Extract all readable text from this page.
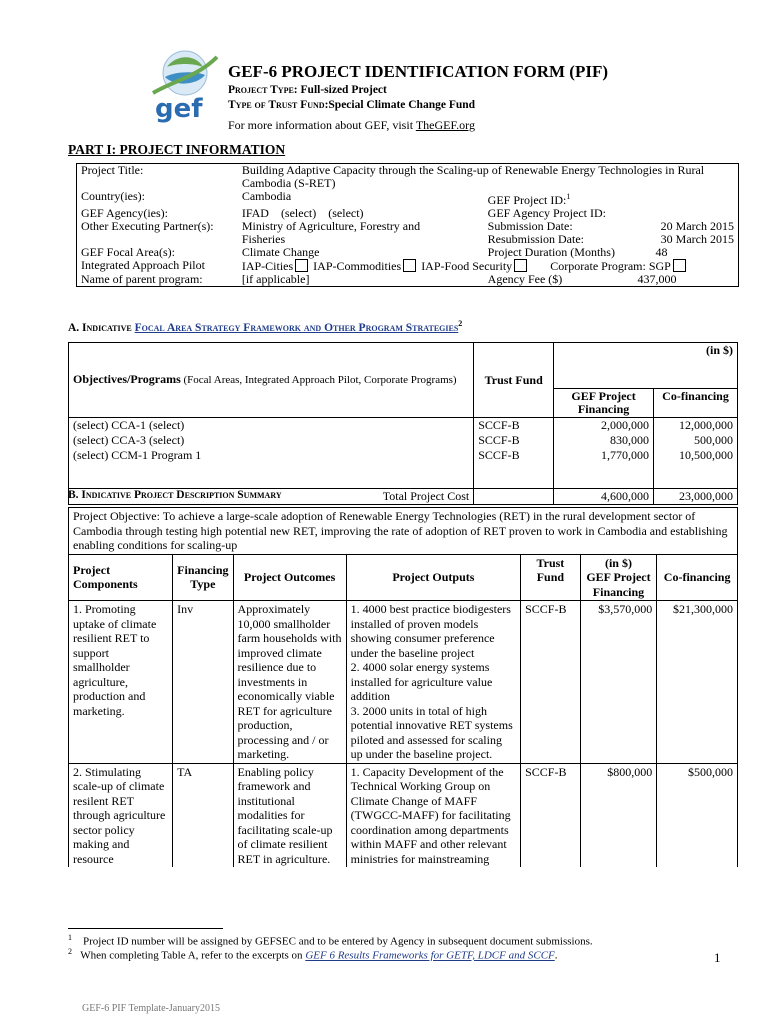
gef
GEF-6 PROJECT IDENTIFICATION FORM (PIF)
Project Type: Full-sized Project
Type of Trust Fund:Special Climate Change Fund
For more information about GEF, visit TheGEF.org
PART I: PROJECT INFORMATION
Project Title:	Building Adaptive Capacity through the Scaling-up of Renewable Energy Technologies in Rural Cambodia (S-RET)		
Country(ies):	Cambodia	GEF Project ID:$^1$
GEF Agency(ies):	IFAD    (select)    (select)	GEF Agency Project ID:	
Other Executing Partner(s):	Ministry of Agriculture, Forestry and Fisheries	Submission Date:	20 March 2015
		Resubmission Date:	30 March 2015
GEF Focal Area(s):	Climate Change	Project Duration (Months)	48
Integrated Approach Pilot	IAP-Cities IAP-Commodities IAP-Food Security Corporate Program: SGP		
Name of parent program:	[if applicable]	Agency Fee ($)	437,000
A. Indicative Focal Area Strategy Framework and Other Program Strategies$^2$
Objectives/Programs (Focal Areas, Integrated Approach Pilot, Corporate Programs)	Trust Fund	(in $)	
		GEF Project Financing	Co-financing
(select) CCA-1 (select)	SCCF-B	2,000,000	12,000,000
(select) CCA-3 (select)	SCCF-B	830,000	500,000
(select) CCM-1 Program 1	SCCF-B	1,770,000	10,500,000
Total Project Cost		4,600,000	23,000,000
B. Indicative Project Description Summary
Project Objective: To achieve a large-scale adoption of Renewable Energy Technologies (RET) in the rural development sector of Cambodia through testing high potential new RET, improving the rate of adoption of RET proven to work in Cambodia and establishing enabling conditions for scaling-up						
Project Components	Financing Type	Project Outcomes	Project Outputs	Trust Fund	(in $)
GEF Project Financing	Co-financing
1. Promoting uptake of climate resilient RET to support smallholder agriculture, production and marketing.	Inv	Approximately 10,000 smallholder farm households with improved climate resilience due to investments in economically viable RET for agriculture production, processing and / or marketing.	1. 4000 best practice biodigesters installed of proven models showing consumer preference under the baseline project
2. 4000 solar energy systems installed for agriculture value addition
3. 2000 units in total of high potential innovative RET systems piloted and assessed for scaling up under the baseline project.	SCCF-B	$3,570,000	$21,300,000
2. Stimulating scale-up of climate resilent RET through agriculture sector policy making and resource	TA	Enabling policy framework and institutional modalities for facilitating scale-up of climate resilient RET in agriculture.	1. Capacity Development of the Technical Working Group on Climate Change of MAFF (TWGCC-MAFF) for facilitating coordination among departments within MAFF and other relevant ministries for mainstreaming	SCCF-B	$800,000	$500,000
$^1$ Project ID number will be assigned by GEFSEC and to be entered by Agency in subsequent document submissions.
$^2$ When completing Table A, refer to the excerpts on GEF 6 Results Frameworks for GETF, LDCF and SCCF.	1
GEF-6 PIF Template-January2015
